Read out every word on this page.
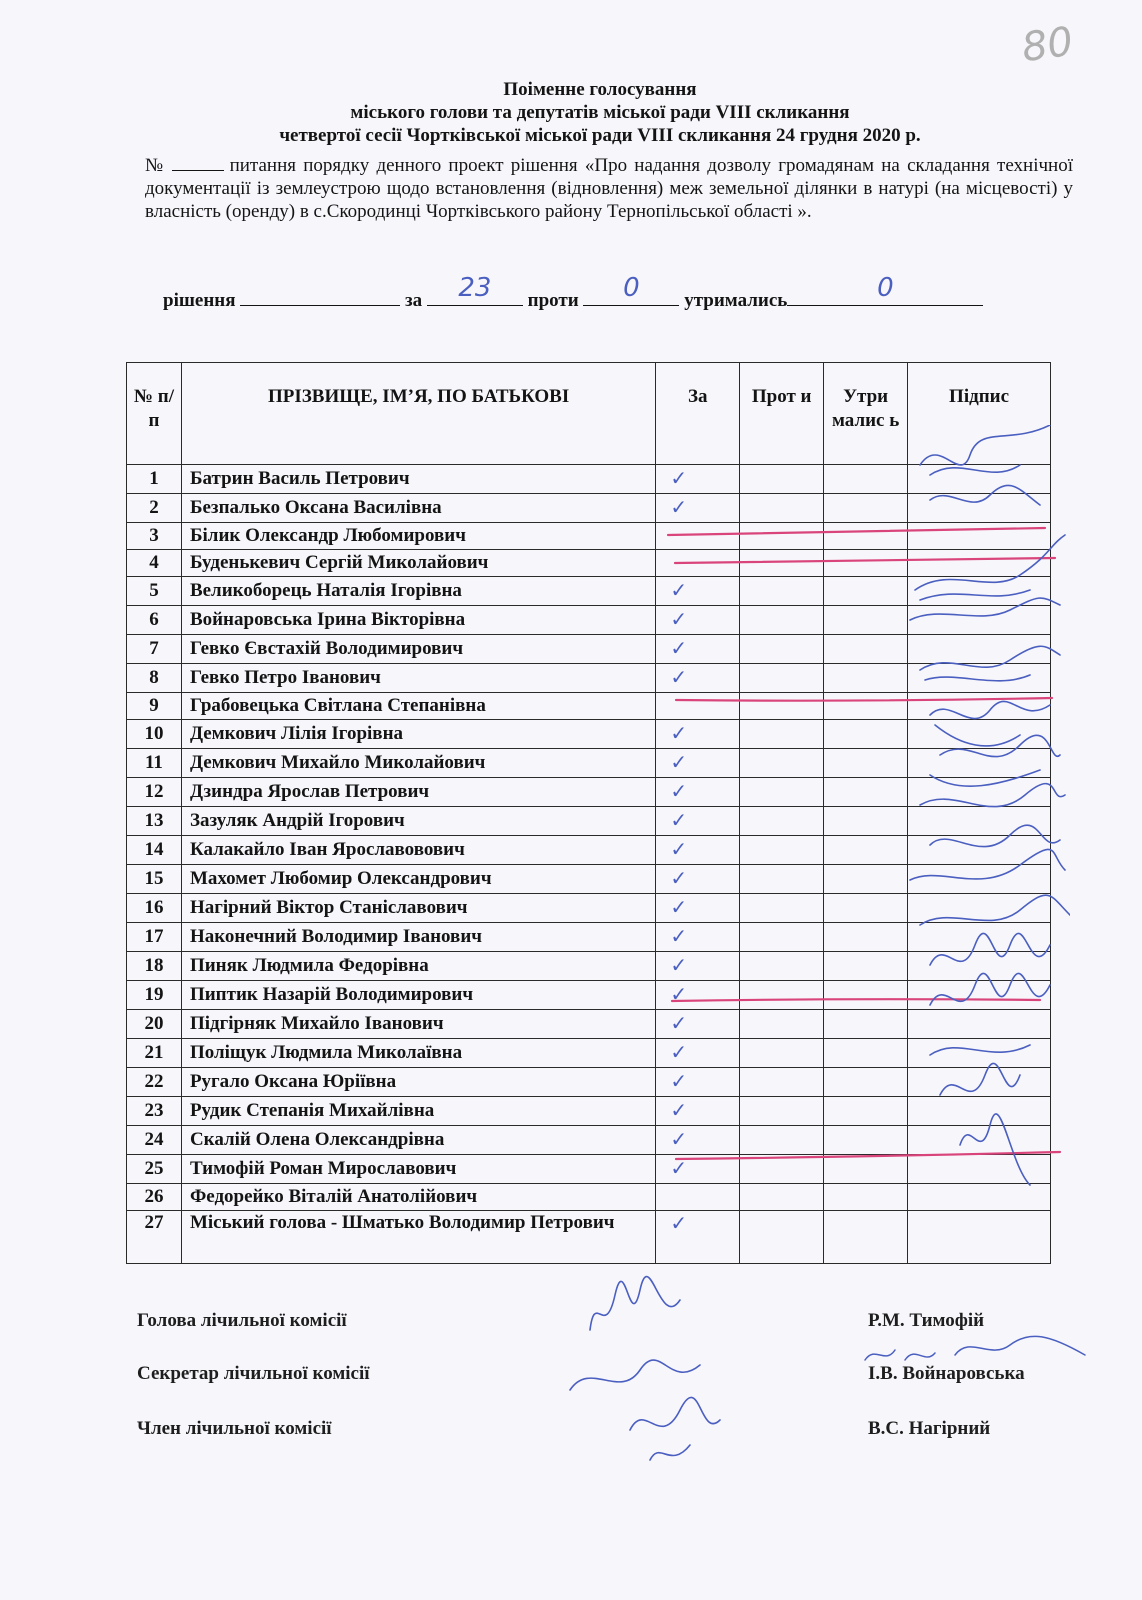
80
Поіменне голосування
міського голови та депутатів міської ради VIII скликання
четвертої сесії Чортківської міської ради VIII скликання 24 грудня 2020 р.
№	питання порядку денного проект рішення «Про надання дозволу громадянам на складання технічної документації із землеустрою щодо встановлення (відновлення) меж земельної ділянки в натурі (на місцевості) у власність (оренду) в с.Скородинці Чортківського району Тернопільської області ».
рішення	за	23	проти	0	утримались	0
№ п/п	ПРІЗВИЩЕ, ІМ’Я, ПО БАТЬКОВІ	За	Прот и	Утри малис ь	Підпис
1	Батрин Василь Петрович	✓			
2	Безпалько Оксана Василівна	✓			
3	Білик Олександр Любомирович				
4	Буденькевич Сергій Миколайович				
5	Великоборець Наталія Ігорівна	✓			
6	Войнаровська Ірина Вікторівна	✓			
7	Гевко Євстахій Володимирович	✓			
8	Гевко Петро Іванович	✓			
9	Грабовецька Світлана Степанівна				
10	Демкович Лілія Ігорівна	✓			
11	Демкович Михайло Миколайович	✓			
12	Дзиндра Ярослав Петрович	✓			
13	Зазуляк Андрій Ігорович	✓			
14	Калакайло Іван Ярославовович	✓			
15	Махомет Любомир Олександрович	✓			
16	Нагірний Віктор Станіславович	✓			
17	Наконечний Володимир Іванович	✓			
18	Пиняк Людмила Федорівна	✓			
19	Пиптик Назарій Володимирович	✓			
20	Підгірняк Михайло Іванович	✓			
21	Поліщук Людмила Миколаївна	✓			
22	Ругало Оксана Юріївна	✓			
23	Рудик Степанія Михайлівна	✓			
24	Скалій Олена Олександрівна	✓			
25	Тимофій Роман Мирославович	✓			
26	Федорейко Віталій Анатолійович				
27	Міський голова - Шматько Володимир Петрович	✓			
Голова лічильної комісії	Р.М. Тимофій
Секретар лічильної комісії	І.В. Войнаровська
Член лічильної комісії	В.С. Нагірний
